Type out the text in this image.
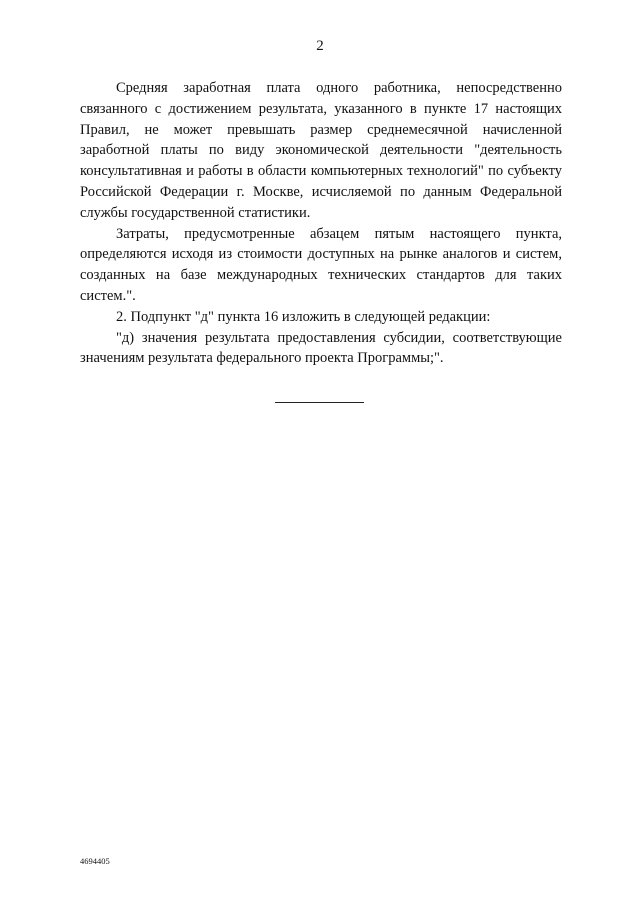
2

Средняя заработная плата одного работника, непосредственно связанного с достижением результата, указанного в пункте 17 настоящих Правил, не может превышать размер среднемесячной начисленной заработной платы по виду экономической деятельности "деятельность консультативная и работы в области компьютерных технологий" по субъекту Российской Федерации г. Москве, исчисляемой по данным Федеральной службы государственной статистики.

Затраты, предусмотренные абзацем пятым настоящего пункта, определяются исходя из стоимости доступных на рынке аналогов и систем, созданных на базе международных технических стандартов для таких систем.".

2. Подпункт "д" пункта 16 изложить в следующей редакции:

"д) значения результата предоставления субсидии, соответствующие значениям результата федерального проекта Программы;".

4694405
